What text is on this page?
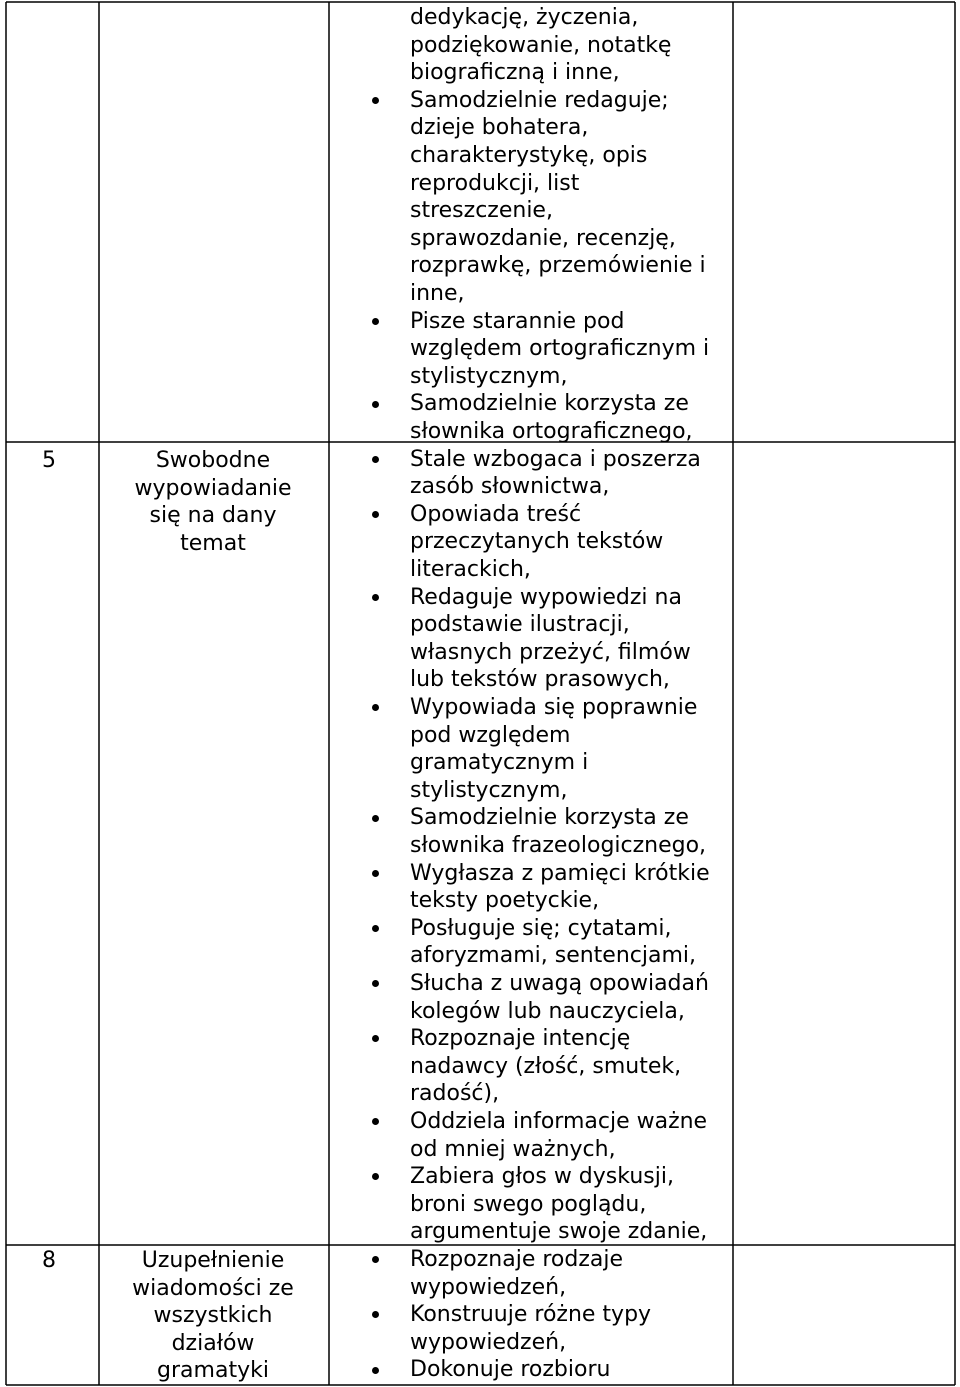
5	Swobodne
wypowiadanie
się na dany
temat
8	Uzupełnienie
wiadomości ze
wszystkich
działów
gramatyki
dedykację, życzenia,
podziękowanie, notatkę
biograficzną i inne,
Samodzielnie redaguje;
dzieje bohatera,
charakterystykę, opis
reprodukcji, list
streszczenie,
sprawozdanie, recenzję,
rozprawkę, przemówienie i
inne,
Pisze starannie pod
względem ortograficznym i
stylistycznym,
Samodzielnie korzysta ze
słownika ortograficznego,
Stale wzbogaca i poszerza
zasób słownictwa,
Opowiada treść
przeczytanych tekstów
literackich,
Redaguje wypowiedzi na
podstawie ilustracji,
własnych przeżyć, filmów
lub tekstów prasowych,
Wypowiada się poprawnie
pod względem
gramatycznym i
stylistycznym,
Samodzielnie korzysta ze
słownika frazeologicznego,
Wygłasza z pamięci krótkie
teksty poetyckie,
Posługuje się; cytatami,
aforyzmami, sentencjami,
Słucha z uwagą opowiadań
kolegów lub nauczyciela,
Rozpoznaje intencję
nadawcy (złość, smutek,
radość),
Oddziela informacje ważne
od mniej ważnych,
Zabiera głos w dyskusji,
broni swego poglądu,
argumentuje swoje zdanie,
Rozpoznaje rodzaje
wypowiedzeń,
Konstruuje różne typy
wypowiedzeń,
Dokonuje rozbioru
